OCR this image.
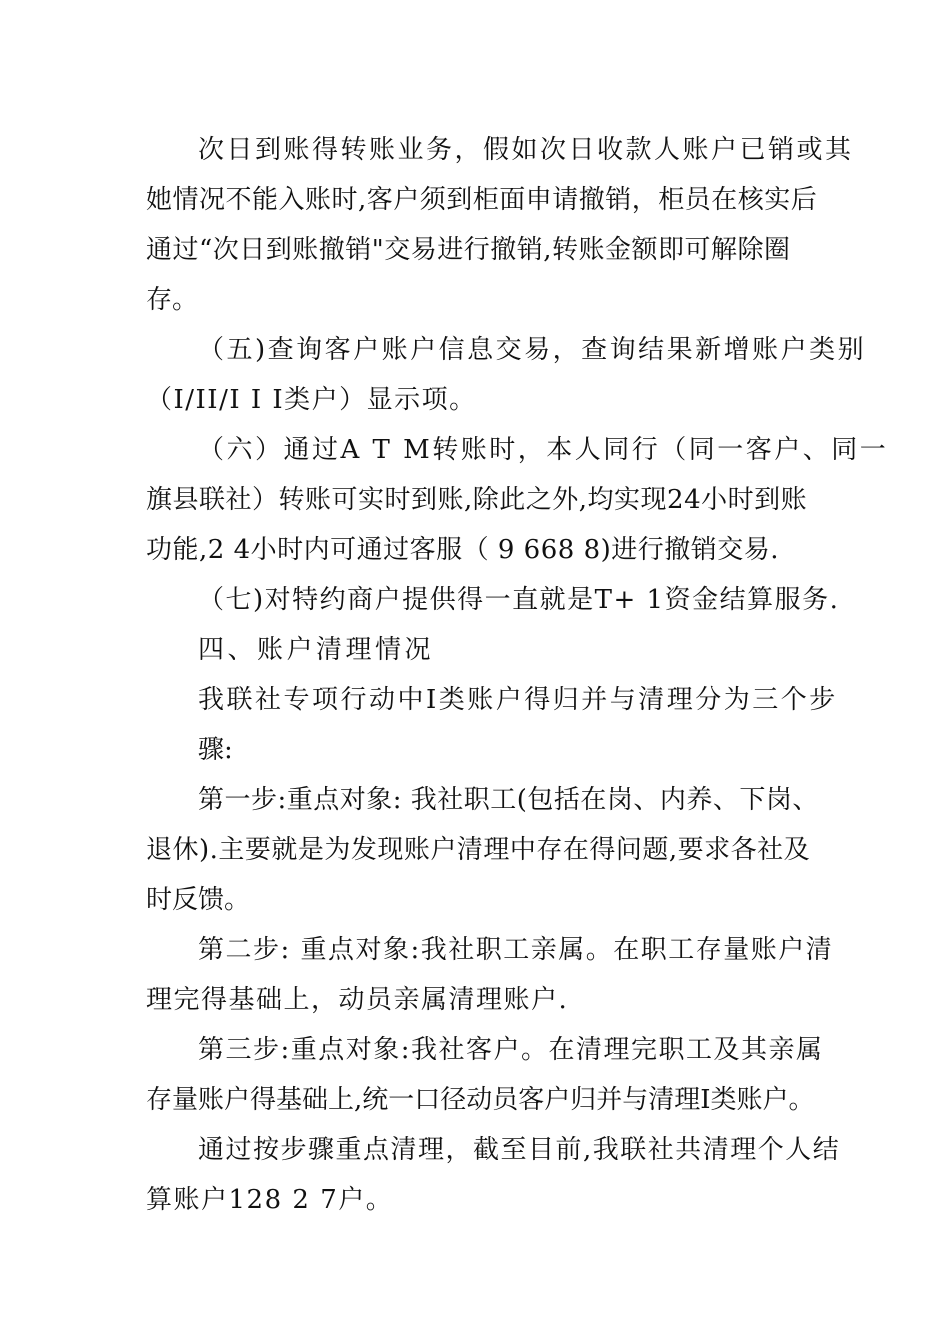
次日到账得转账业务，假如次日收款人账户已销或其
她情况不能入账时,客户须到柜面申请撤销，柜员在核实后
通过“次日到账撤销"交易进行撤销,转账金额即可解除圈
存。
（五)查询客户账户信息交易，查询结果新增账户类别
（I/II/I I I类户）显示项。
（六）通过A T M转账时，本人同行（同一客户、同一
旗县联社）转账可实时到账,除此之外,均实现24小时到账
功能,2 4小时内可通过客服（ 9 668 8)进行撤销交易.
（七)对特约商户提供得一直就是T+ 1资金结算服务.
四、账户清理情况
我联社专项行动中I类账户得归并与清理分为三个步
骤:
第一步:重点对象: 我社职工(包括在岗、内养、下岗、
退休).主要就是为发现账户清理中存在得问题,要求各社及
时反馈。
第二步: 重点对象:我社职工亲属。在职工存量账户清
理完得基础上，动员亲属清理账户.
第三步:重点对象:我社客户。在清理完职工及其亲属
存量账户得基础上,统一口径动员客户归并与清理I类账户。
通过按步骤重点清理，截至目前,我联社共清理个人结
算账户128 2 7户。
